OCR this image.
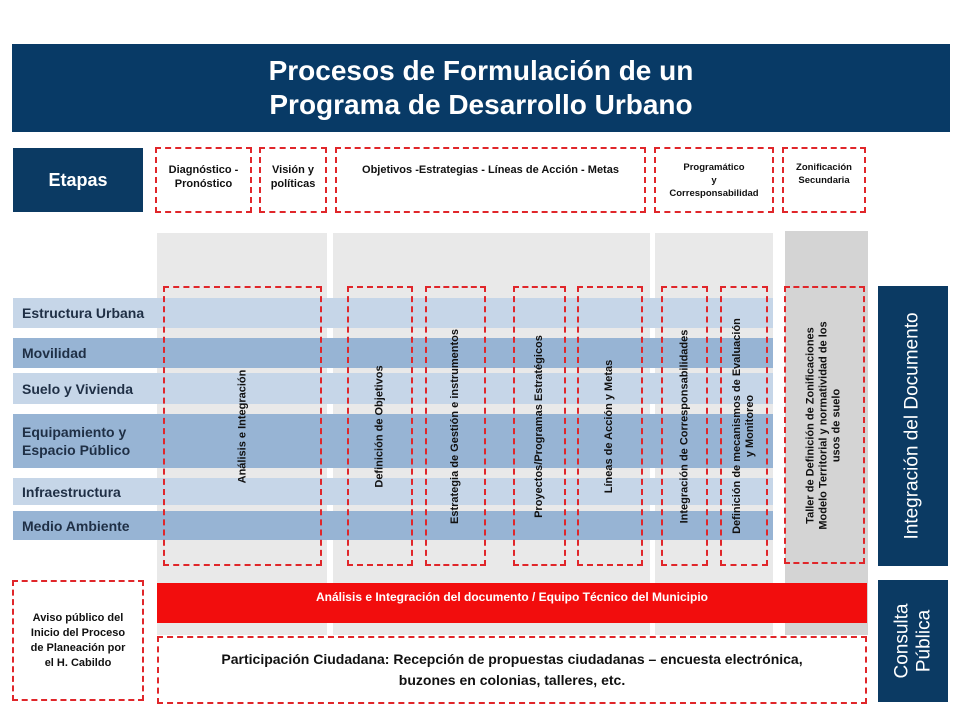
Procesos de Formulación de un
Programa de Desarrollo Urbano
Etapas	Diagnóstico - Pronóstico
Visión y políticas
Objetivos -Estrategias - Líneas de Acción - Metas	Programático
y
Corresponsabilidad
Zonificación Secundaria
Estructura Urbana
Movilidad
Suelo y Vivienda
Equipamiento y
Espacio Público
Infraestructura
Medio Ambiente
Análisis e Integración	Definición de Objetivos	Estrategia de Gestión e instrumentos	Proyectos/Programas Estratégicos	Líneas de Acción y Metas	Integración de Corresponsabilidades	Definición de mecanismos de Evaluación y Monitoreo	Taller de Definición de Zonificaciones Modelo Territorial y normatividad de los usos de suelo	Integración del Documento
Consulta Pública
Análisis e Integración del documento / Equipo Técnico del Municipio
Participación Ciudadana: Recepción de propuestas ciudadanas – encuesta electrónica,
buzones en colonias, talleres, etc.
Aviso público del
Inicio del Proceso
de Planeación por
el H. Cabildo
